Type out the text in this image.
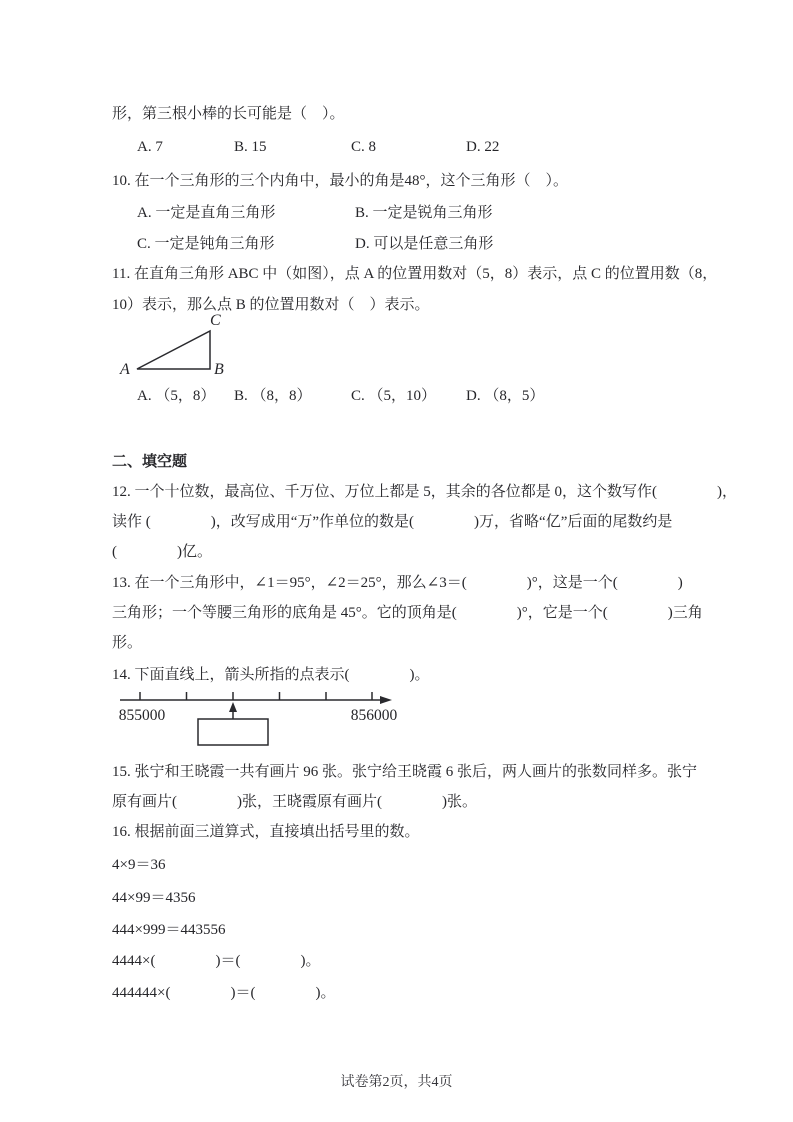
形，第三根小棒的长可能是（　）。
A. 7	B. 15	C. 8	D. 22
10. 在一个三角形的三个内角中，最小的角是48°，这个三角形（　）。
A. 一定是直角三角形	B. 一定是锐角三角形
C. 一定是钝角三角形	D. 可以是任意三角形
11. 在直角三角形 ABC 中（如图），点 A 的位置用数对（5，8）表示，点 C 的位置用数（8，
10）表示，那么点 B 的位置用数对（　）表示。
A	B
C
A. （5，8） B. （8，8）	C. （5，10） D. （8，5）
二、填空题
12. 一个十位数，最高位、千万位、万位上都是 5，其余的各位都是 0，这个数写作(　　　　)，
读作 (　　　　)，改写成用“万”作单位的数是(　　　　)万，省略“亿”后面的尾数约是
(　　　　)亿。
13. 在一个三角形中，∠1＝95°，∠2＝25°，那么∠3＝(　　　　)°，这是一个(　　　　)
三角形；一个等腰三角形的底角是 45°。它的顶角是(　　　　)°，它是一个(　　　　)三角
形。
14. 下面直线上，箭头所指的点表示(　　　　)。
855000	856000
15. 张宁和王晓霞一共有画片 96 张。张宁给王晓霞 6 张后，两人画片的张数同样多。张宁
原有画片(　　　　)张，王晓霞原有画片(　　　　)张。
16. 根据前面三道算式，直接填出括号里的数。
4×9＝36
44×99＝4356
444×999＝443556
4444×(　　　　)＝(　　　　)。
444444×(　　　　)＝(　　　　)。
试卷第2页，共4页
